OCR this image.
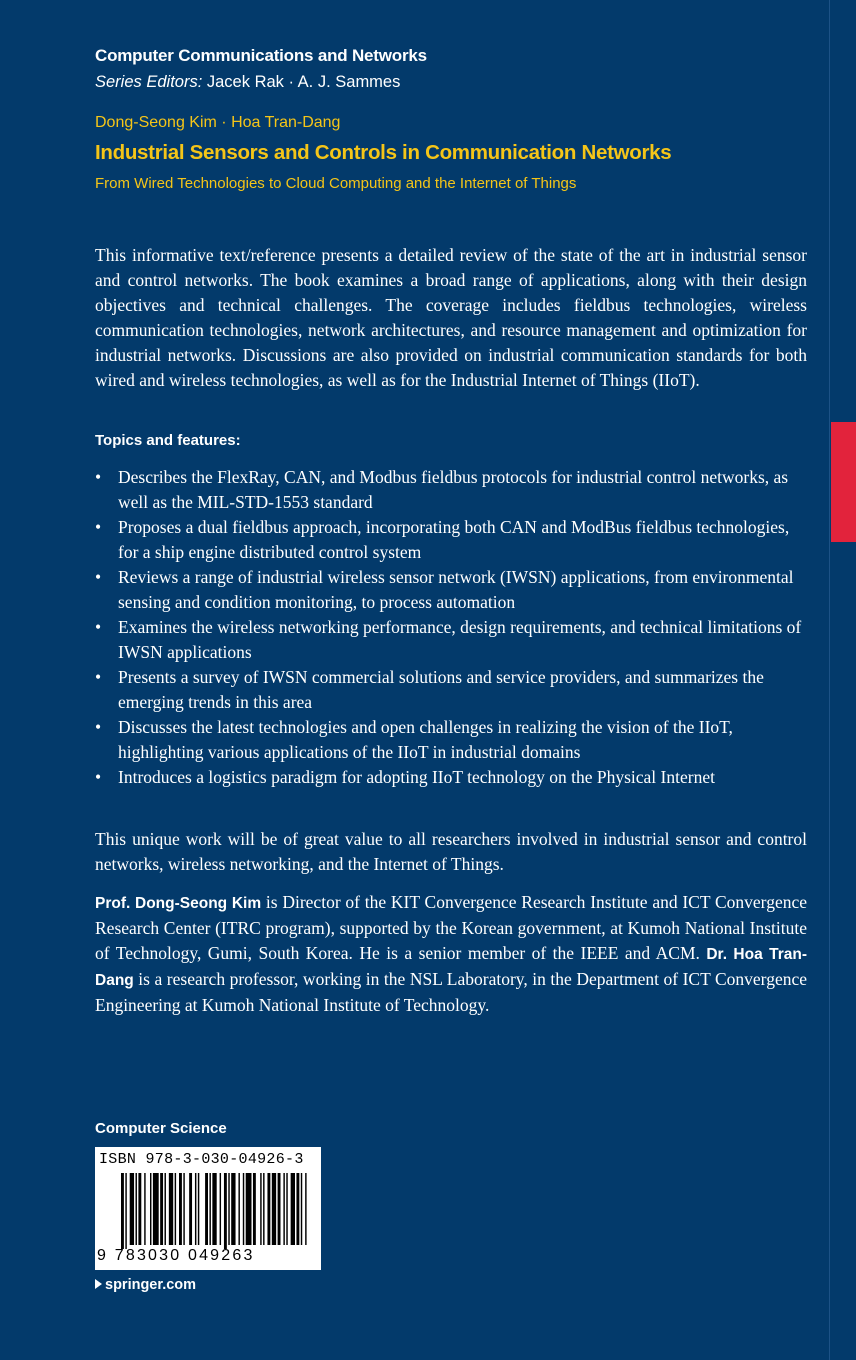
Computer Communications and Networks
Series Editors: Jacek Rak · A. J. Sammes
Dong-Seong Kim · Hoa Tran-Dang
Industrial Sensors and Controls in Communication Networks
From Wired Technologies to Cloud Computing and the Internet of Things
This informative text/reference presents a detailed review of the state of the art in industrial sensor and control networks. The book examines a broad range of applications, along with their design objectives and technical challenges. The coverage includes fieldbus technologies, wireless communication technologies, network architectures, and resource management and optimization for industrial networks. Discussions are also provided on industrial communication standards for both wired and wireless technologies, as well as for the Industrial Internet of Things (IIoT).
Topics and features:
• Describes the FlexRay, CAN, and Modbus fieldbus protocols for industrial control networks, as well as the MIL-STD-1553 standard
• Proposes a dual fieldbus approach, incorporating both CAN and ModBus fieldbus technologies, for a ship engine distributed control system
• Reviews a range of industrial wireless sensor network (IWSN) applications, from environmental sensing and condition monitoring, to process automation
• Examines the wireless networking performance, design requirements, and technical limitations of IWSN applications
• Presents a survey of IWSN commercial solutions and service providers, and summarizes the emerging trends in this area
• Discusses the latest technologies and open challenges in realizing the vision of the IIoT, highlighting various applications of the IIoT in industrial domains
• Introduces a logistics paradigm for adopting IIoT technology on the Physical Internet
This unique work will be of great value to all researchers involved in industrial sensor and control networks, wireless networking, and the Internet of Things.
Prof. Dong-Seong Kim is Director of the KIT Convergence Research Institute and ICT Convergence Research Center (ITRC program), supported by the Korean government, at Kumoh National Institute of Technology, Gumi, South Korea. He is a senior member of the IEEE and ACM. Dr. Hoa Tran-Dang is a research professor, working in the NSL Laboratory, in the Department of ICT Convergence Engineering at Kumoh National Institute of Technology.
Computer Science
ISBN 978-3-030-04926-3
9 783030 049263
springer.com
